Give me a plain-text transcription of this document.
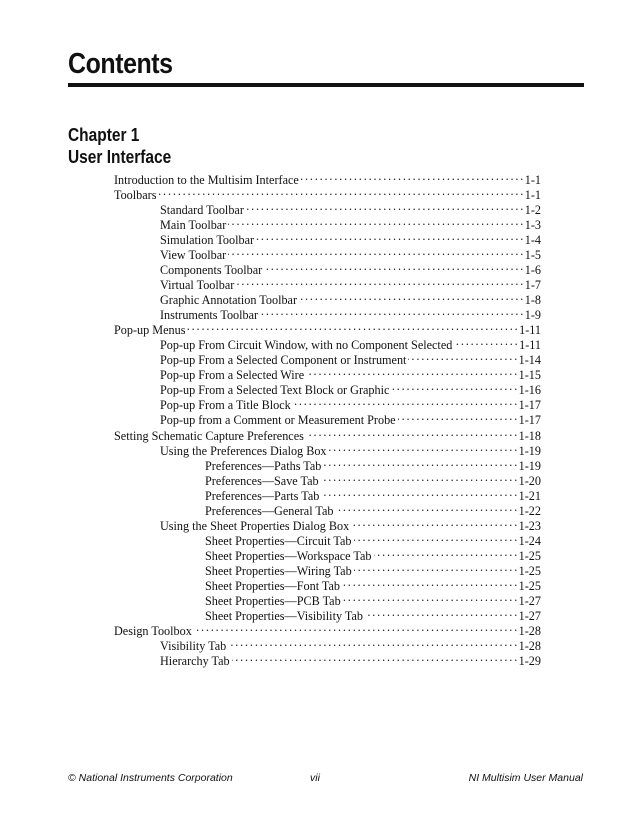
Contents
Chapter 1
User Interface
Introduction to the Multisim Interface . . .	1-1
Toolbars . . .	1-1
Standard Toolbar . . .	1-2
Main Toolbar . . .	1-3
Simulation Toolbar . . .	1-4
View Toolbar . . .	1-5
Components Toolbar . . .	1-6
Virtual Toolbar . . .	1-7
Graphic Annotation Toolbar . . .	1-8
Instruments Toolbar . . .	1-9
Pop-up Menus . . .	1-11
Pop-up From Circuit Window, with no Component Selected . . .	1-11
Pop-up From a Selected Component or Instrument . . .	1-14
Pop-up From a Selected Wire . . .	1-15
Pop-up From a Selected Text Block or Graphic . . .	1-16
Pop-up From a Title Block . . .	1-17
Pop-up from a Comment or Measurement Probe . . .	1-17
Setting Schematic Capture Preferences . . .	1-18
Using the Preferences Dialog Box . . .	1-19
Preferences—Paths Tab . . .	1-19
Preferences—Save Tab . . .	1-20
Preferences—Parts Tab . . .	1-21
Preferences—General Tab . . .	1-22
Using the Sheet Properties Dialog Box . . .	1-23
Sheet Properties—Circuit Tab . . .	1-24
Sheet Properties—Workspace Tab . . .	1-25
Sheet Properties—Wiring Tab . . .	1-25
Sheet Properties—Font Tab . . .	1-25
Sheet Properties—PCB Tab . . .	1-27
Sheet Properties—Visibility Tab . . .	1-27
Design Toolbox . . .	1-28
Visibility Tab . . .	1-28
Hierarchy Tab . . .	1-29
© National Instruments Corporation	vii	NI Multisim User Manual
